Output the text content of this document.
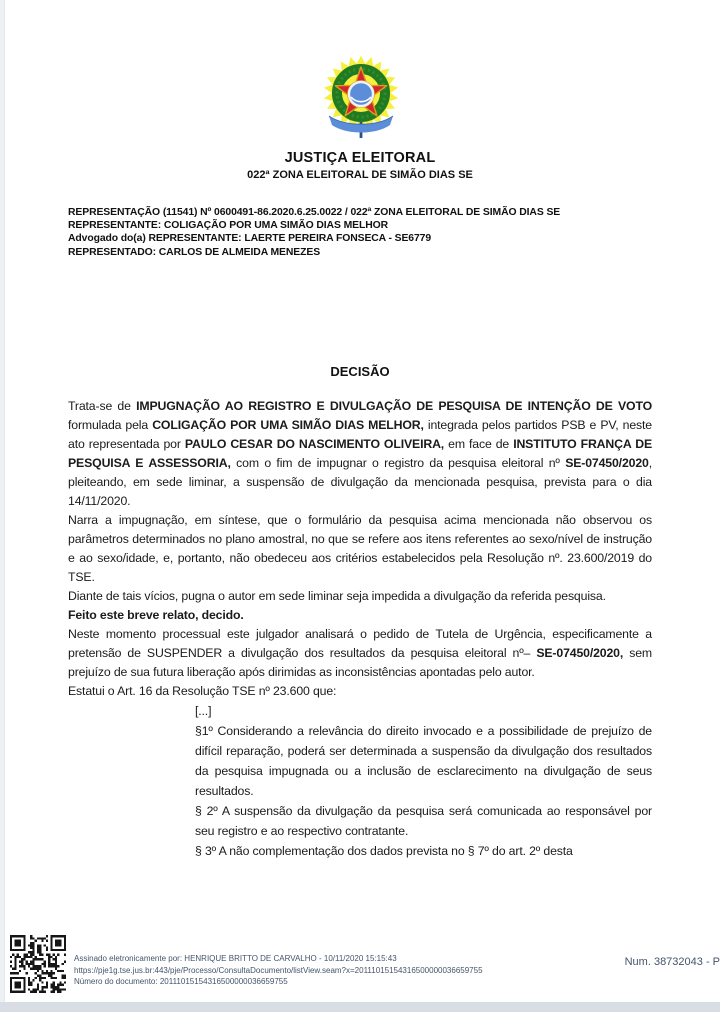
JUSTIÇA ELEITORAL
022ª ZONA ELEITORAL DE SIMÃO DIAS SE
REPRESENTAÇÃO (11541) Nº 0600491-86.2020.6.25.0022 / 022ª ZONA ELEITORAL DE SIMÃO DIAS SE
REPRESENTANTE: COLIGAÇÃO POR UMA SIMÃO DIAS MELHOR
Advogado do(a) REPRESENTANTE: LAERTE PEREIRA FONSECA - SE6779
REPRESENTADO: CARLOS DE ALMEIDA MENEZES
DECISÃO
Trata-se de IMPUGNAÇÃO AO REGISTRO E DIVULGAÇÃO DE PESQUISA DE INTENÇÃO DE VOTO formulada pela COLIGAÇÃO POR UMA SIMÃO DIAS MELHOR, integrada pelos partidos PSB e PV, neste ato representada por PAULO CESAR DO NASCIMENTO OLIVEIRA, em face de INSTITUTO FRANÇA DE PESQUISA E ASSESSORIA, com o fim de impugnar o registro da pesquisa eleitoral nº SE-07450/2020, pleiteando, em sede liminar, a suspensão de divulgação da mencionada pesquisa, prevista para o dia 14/11/2020.
Narra a impugnação, em síntese, que o formulário da pesquisa acima mencionada não observou os parâmetros determinados no plano amostral, no que se refere aos itens referentes ao sexo/nível de instrução e ao sexo/idade, e, portanto, não obedeceu aos critérios estabelecidos pela Resolução nº. 23.600/2019 do TSE.
Diante de tais vícios, pugna o autor em sede liminar seja impedida a divulgação da referida pesquisa.
Feito este breve relato, decido.
Neste momento processual este julgador analisará o pedido de Tutela de Urgência, especificamente a pretensão de SUSPENDER a divulgação dos resultados da pesquisa eleitoral nº– SE-07450/2020, sem prejuízo de sua futura liberação após dirimidas as inconsistências apontadas pelo autor.
Estatui o Art. 16 da Resolução TSE nº 23.600 que:
[...]
§1º Considerando a relevância do direito invocado e a possibilidade de prejuízo de difícil reparação, poderá ser determinada a suspensão da divulgação dos resultados da pesquisa impugnada ou a inclusão de esclarecimento na divulgação de seus resultados.
§ 2º A suspensão da divulgação da pesquisa será comunicada ao responsável por seu registro e ao respectivo contratante.
§ 3º A não complementação dos dados prevista no § 7º do art. 2º desta
Assinado eletronicamente por: HENRIQUE BRITTO DE CARVALHO - 10/11/2020 15:15:43
https://pje1g.tse.jus.br:443/pje/Processo/ConsultaDocumento/listView.seam?x=20111015154316500000036659755
Número do documento: 20111015154316500000036659755
Num. 38732043 - P
